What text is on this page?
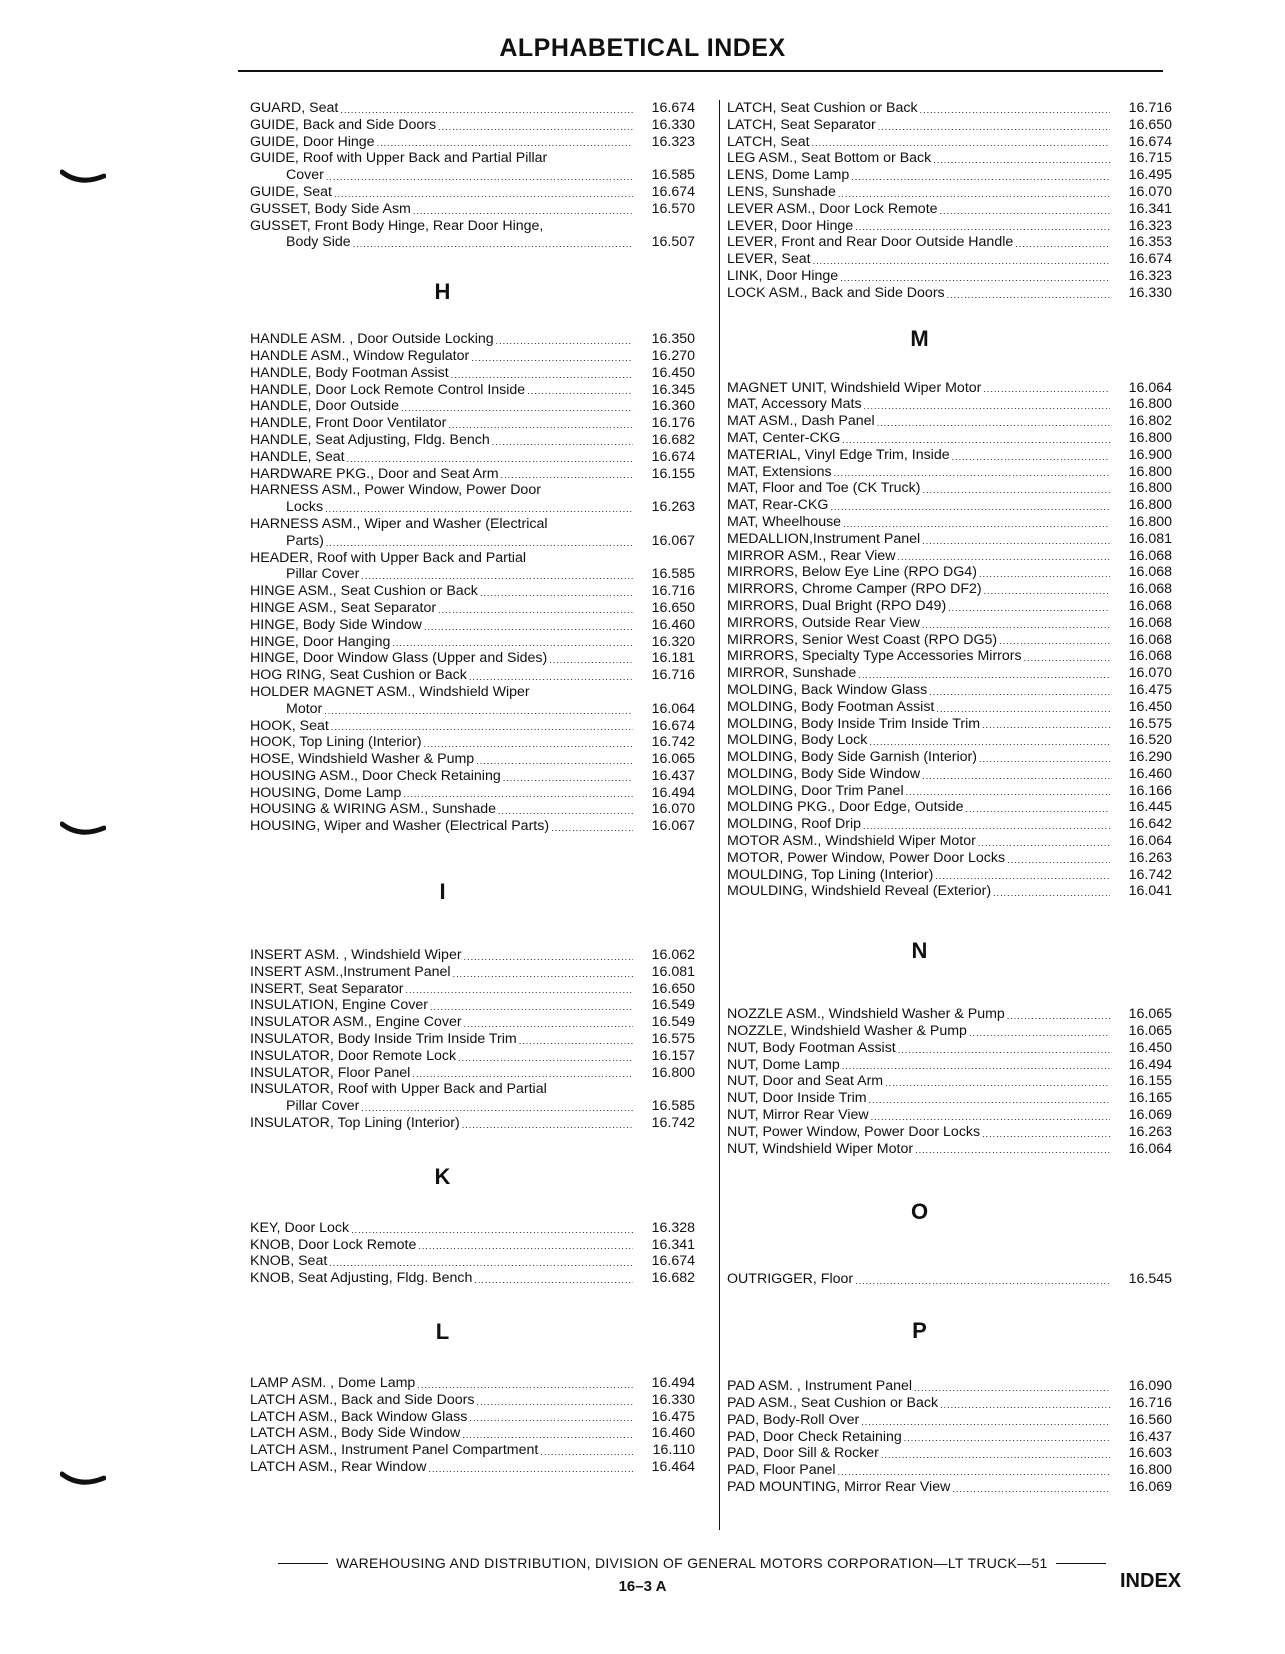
ALPHABETICAL INDEX
GUARD, Seat .....	16.674
GUIDE, Back and Side Doors .....	16.330
GUIDE, Door Hinge .....	16.323
GUIDE, Roof with Upper Back and Partial Pillar
Cover .....	16.585
GUIDE, Seat .....	16.674
GUSSET, Body Side Asm .....	16.570
GUSSET, Front Body Hinge, Rear Door Hinge,
Body Side .....	16.507
H
HANDLE ASM. , Door Outside Locking .....	16.350
HANDLE ASM., Window Regulator .....	16.270
HANDLE, Body Footman Assist .....	16.450
HANDLE, Door Lock Remote Control Inside .....	16.345
HANDLE, Door Outside .....	16.360
HANDLE, Front Door Ventilator .....	16.176
HANDLE, Seat Adjusting, Fldg. Bench .....	16.682
HANDLE, Seat .....	16.674
HARDWARE PKG., Door and Seat Arm .....	16.155
HARNESS ASM., Power Window, Power Door
Locks .....	16.263
HARNESS ASM., Wiper and Washer (Electrical
Parts) .....	16.067
HEADER, Roof with Upper Back and Partial
Pillar Cover .....	16.585
HINGE ASM., Seat Cushion or Back .....	16.716
HINGE ASM., Seat Separator .....	16.650
HINGE, Body Side Window .....	16.460
HINGE, Door Hanging .....	16.320
HINGE, Door Window Glass (Upper and Sides) .....	16.181
HOG RING, Seat Cushion or Back .....	16.716
HOLDER MAGNET ASM., Windshield Wiper
Motor .....	16.064
HOOK, Seat .....	16.674
HOOK, Top Lining (Interior) .....	16.742
HOSE, Windshield Washer & Pump .....	16.065
HOUSING ASM., Door Check Retaining .....	16.437
HOUSING, Dome Lamp .....	16.494
HOUSING & WIRING ASM., Sunshade .....	16.070
HOUSING, Wiper and Washer (Electrical Parts) .....	16.067
I
INSERT ASM. , Windshield Wiper .....	16.062
INSERT ASM.,Instrument Panel .....	16.081
INSERT, Seat Separator .....	16.650
INSULATION, Engine Cover .....	16.549
INSULATOR ASM., Engine Cover .....	16.549
INSULATOR, Body Inside Trim Inside Trim .....	16.575
INSULATOR, Door Remote Lock .....	16.157
INSULATOR, Floor Panel .....	16.800
INSULATOR, Roof with Upper Back and Partial
Pillar Cover .....	16.585
INSULATOR, Top Lining (Interior) .....	16.742
K
KEY, Door Lock .....	16.328
KNOB, Door Lock Remote .....	16.341
KNOB, Seat .....	16.674
KNOB, Seat Adjusting, Fldg. Bench .....	16.682
L
LAMP ASM. , Dome Lamp .....	16.494
LATCH ASM., Back and Side Doors .....	16.330
LATCH ASM., Back Window Glass .....	16.475
LATCH ASM., Body Side Window .....	16.460
LATCH ASM., Instrument Panel Compartment .....	16.110
LATCH ASM., Rear Window .....	16.464
LATCH, Seat Cushion or Back .....	16.716
LATCH, Seat Separator .....	16.650
LATCH, Seat .....	16.674
LEG ASM., Seat Bottom or Back .....	16.715
LENS, Dome Lamp .....	16.495
LENS, Sunshade .....	16.070
LEVER ASM., Door Lock Remote .....	16.341
LEVER, Door Hinge .....	16.323
LEVER, Front and Rear Door Outside Handle .....	16.353
LEVER, Seat .....	16.674
LINK, Door Hinge .....	16.323
LOCK ASM., Back and Side Doors .....	16.330
M
MAGNET UNIT, Windshield Wiper Motor .....	16.064
MAT, Accessory Mats .....	16.800
MAT ASM., Dash Panel .....	16.802
MAT, Center-CKG .....	16.800
MATERIAL, Vinyl Edge Trim, Inside .....	16.900
MAT, Extensions .....	16.800
MAT, Floor and Toe (CK Truck) .....	16.800
MAT, Rear-CKG .....	16.800
MAT, Wheelhouse .....	16.800
MEDALLION,Instrument Panel .....	16.081
MIRROR ASM., Rear View .....	16.068
MIRRORS, Below Eye Line (RPO DG4) .....	16.068
MIRRORS, Chrome Camper (RPO DF2) .....	16.068
MIRRORS, Dual Bright (RPO D49) .....	16.068
MIRRORS, Outside Rear View .....	16.068
MIRRORS, Senior West Coast (RPO DG5) .....	16.068
MIRRORS, Specialty Type Accessories Mirrors .....	16.068
MIRROR, Sunshade .....	16.070
MOLDING, Back Window Glass .....	16.475
MOLDING, Body Footman Assist .....	16.450
MOLDING, Body Inside Trim Inside Trim .....	16.575
MOLDING, Body Lock .....	16.520
MOLDING, Body Side Garnish (Interior) .....	16.290
MOLDING, Body Side Window .....	16.460
MOLDING, Door Trim Panel .....	16.166
MOLDING PKG., Door Edge, Outside .....	16.445
MOLDING, Roof Drip .....	16.642
MOTOR ASM., Windshield Wiper Motor .....	16.064
MOTOR, Power Window, Power Door Locks .....	16.263
MOULDING, Top Lining (Interior) .....	16.742
MOULDING, Windshield Reveal (Exterior) .....	16.041
N
NOZZLE ASM., Windshield Washer & Pump .....	16.065
NOZZLE, Windshield Washer & Pump .....	16.065
NUT, Body Footman Assist .....	16.450
NUT, Dome Lamp .....	16.494
NUT, Door and Seat Arm .....	16.155
NUT, Door Inside Trim .....	16.165
NUT, Mirror Rear View .....	16.069
NUT, Power Window, Power Door Locks .....	16.263
NUT, Windshield Wiper Motor .....	16.064
O
OUTRIGGER, Floor .....	16.545
P
PAD ASM. , Instrument Panel .....	16.090
PAD ASM., Seat Cushion or Back .....	16.716
PAD, Body-Roll Over .....	16.560
PAD, Door Check Retaining .....	16.437
PAD, Door Sill & Rocker .....	16.603
PAD, Floor Panel .....	16.800
PAD MOUNTING, Mirror Rear View .....	16.069
WAREHOUSING AND DISTRIBUTION, DIVISION OF GENERAL MOTORS CORPORATION—LT TRUCK—51
16–3 A	INDEX
